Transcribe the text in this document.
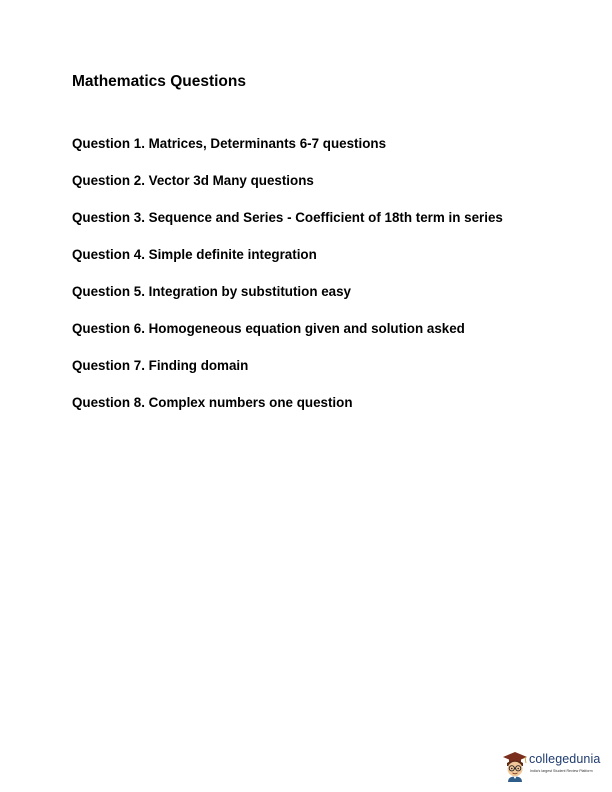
Mathematics Questions
Question 1. Matrices, Determinants 6-7 questions
Question 2. Vector 3d Many questions
Question 3. Sequence and Series - Coefficient of 18th term in series
Question 4. Simple definite integration
Question 5. Integration by substitution easy
Question 6. Homogeneous equation given and solution asked
Question 7. Finding domain
Question 8. Complex numbers one question
collegedunia
India's largest Student Review Platform
